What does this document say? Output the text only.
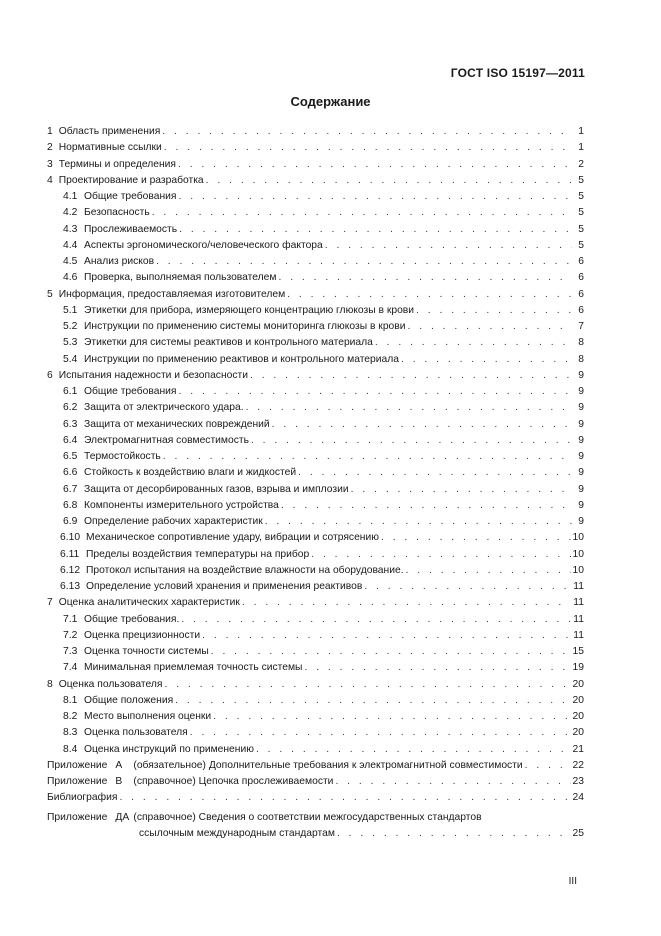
ГОСТ ISO 15197—2011
Содержание
1 Область применения . . .	1
2 Нормативные ссылки . . .	1
3 Термины и определения . . .	2
4 Проектирование и разработка . . .	5
4.1 Общие требования . . .	5
4.2 Безопасность . . .	5
4.3 Прослеживаемость . . .	5
4.4 Аспекты эргономического/человеческого фактора . . .	5
4.5 Анализ рисков . . .	6
4.6 Проверка, выполняемая пользователем . . .	6
5 Информация, предоставляемая изготовителем . . .	6
5.1 Этикетки для прибора, измеряющего концентрацию глюкозы в крови . . .	6
5.2 Инструкции по применению системы мониторинга глюкозы в крови . . .	7
5.3 Этикетки для системы реактивов и контрольного материала . . .	8
5.4 Инструкции по применению реактивов и контрольного материала . . .	8
6 Испытания надежности и безопасности . . .	9
6.1 Общие требования . . .	9
6.2 Защита от электрического удара. . . .	9
6.3 Защита от механических повреждений . . .	9
6.4 Электромагнитная совместимость . . .	9
6.5 Термостойкость . . .	9
6.6 Стойкость к воздействию влаги и жидкостей . . .	9
6.7 Защита от десорбированных газов, взрыва и имплозии . . .	9
6.8 Компоненты измерительного устройства . . .	9
6.9 Определение рабочих характеристик . . .	9
6.10 Механическое сопротивление удару, вибрации и сотрясению . . .	10
6.11 Пределы воздействия температуры на прибор . . .	10
6.12 Протокол испытания на воздействие влажности на оборудование. . . .	10
6.13 Определение условий хранения и применения реактивов . . .	11
7 Оценка аналитических характеристик . . .	11
7.1 Общие требования. . . .	11
7.2 Оценка прецизионности . . .	11
7.3 Оценка точности системы . . .	15
7.4 Минимальная приемлемая точность системы . . .	19
8 Оценка пользователя . . .	20
8.1 Общие положения . . .	20
8.2 Место выполнения оценки . . .	20
8.3 Оценка пользователя . . .	20
8.4 Оценка инструкций по применению . . .	21
Приложение А	(обязательное) Дополнительные требования к электромагнитной совместимости . . .	22
Приложение В	(справочное) Цепочка прослеживаемости . . .	23
Библиография . . .	24
Приложение ДА (справочное) Сведения о соответствии межгосударственных стандартов
ссылочным международным стандартам . . .	25
III
